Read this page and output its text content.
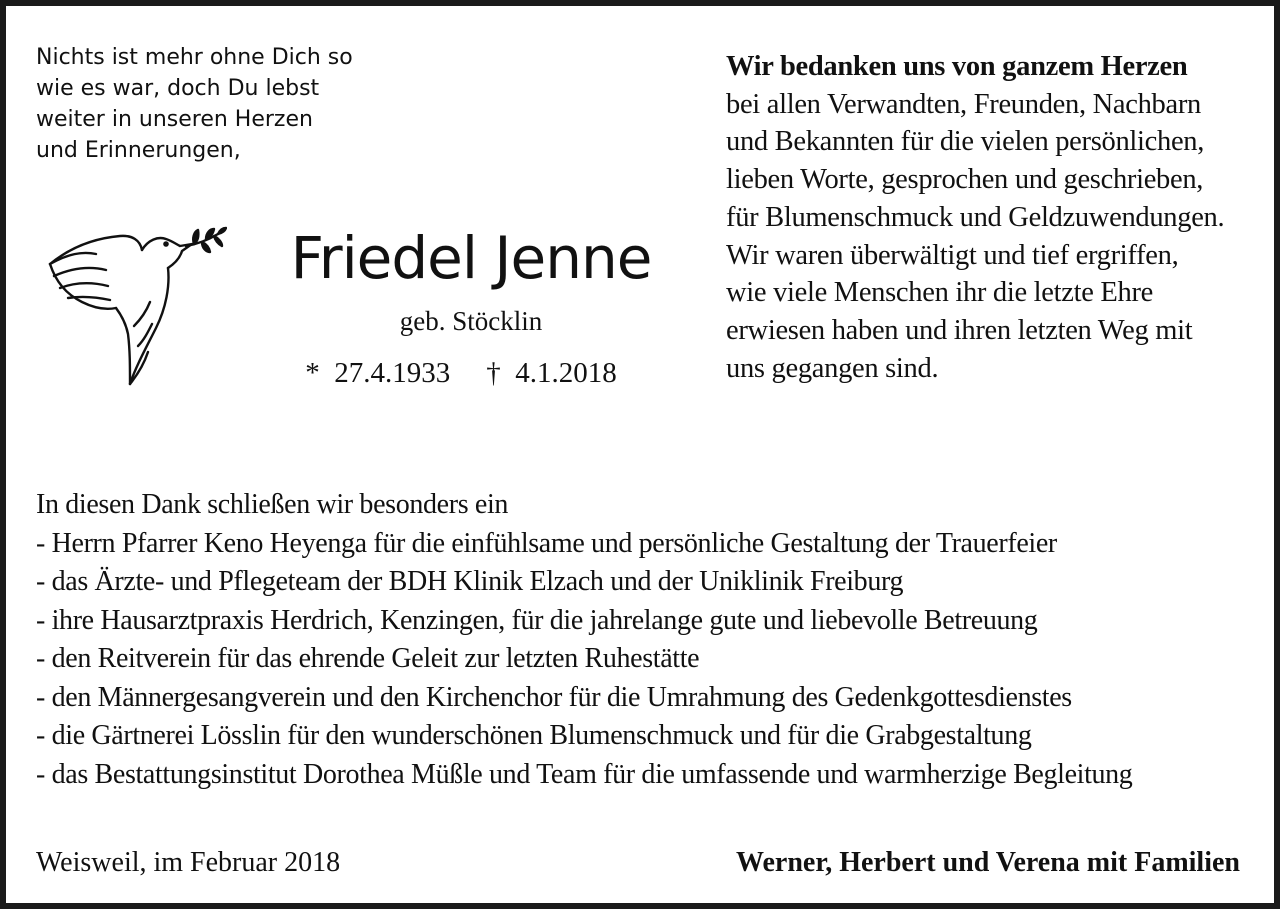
Nichts ist mehr ohne Dich so
wie es war, doch Du lebst
weiter in unseren Herzen
und Erinnerungen,
Friedel Jenne

geb. Stöcklin

* 27.4.1933 † 4.1.2018

Wir bedanken uns von ganzem Herzen
bei allen Verwandten, Freunden, Nachbarn
und Bekannten für die vielen persönlichen,
lieben Worte, gesprochen und geschrieben,
für Blumenschmuck und Geldzuwendungen.
Wir waren überwältigt und tief ergriffen,
wie viele Menschen ihr die letzte Ehre
erwiesen haben und ihren letzten Weg mit
uns gegangen sind.
In diesen Dank schließen wir besonders ein
- Herrn Pfarrer Keno Heyenga für die einfühlsame und persönliche Gestaltung der Trauerfeier
- das Ärzte- und Pflegeteam der BDH Klinik Elzach und der Uniklinik Freiburg
- ihre Hausarztpraxis Herdrich, Kenzingen, für die jahrelange gute und liebevolle Betreuung
- den Reitverein für das ehrende Geleit zur letzten Ruhestätte
- den Männergesangverein und den Kirchenchor für die Umrahmung des Gedenkgottesdienstes
- die Gärtnerei Lösslin für den wunderschönen Blumenschmuck und für die Grabgestaltung
- das Bestattungsinstitut Dorothea Müßle und Team für die umfassende und warmherzige Begleitung

Weisweil, im Februar 2018	Werner, Herbert und Verena mit Familien
